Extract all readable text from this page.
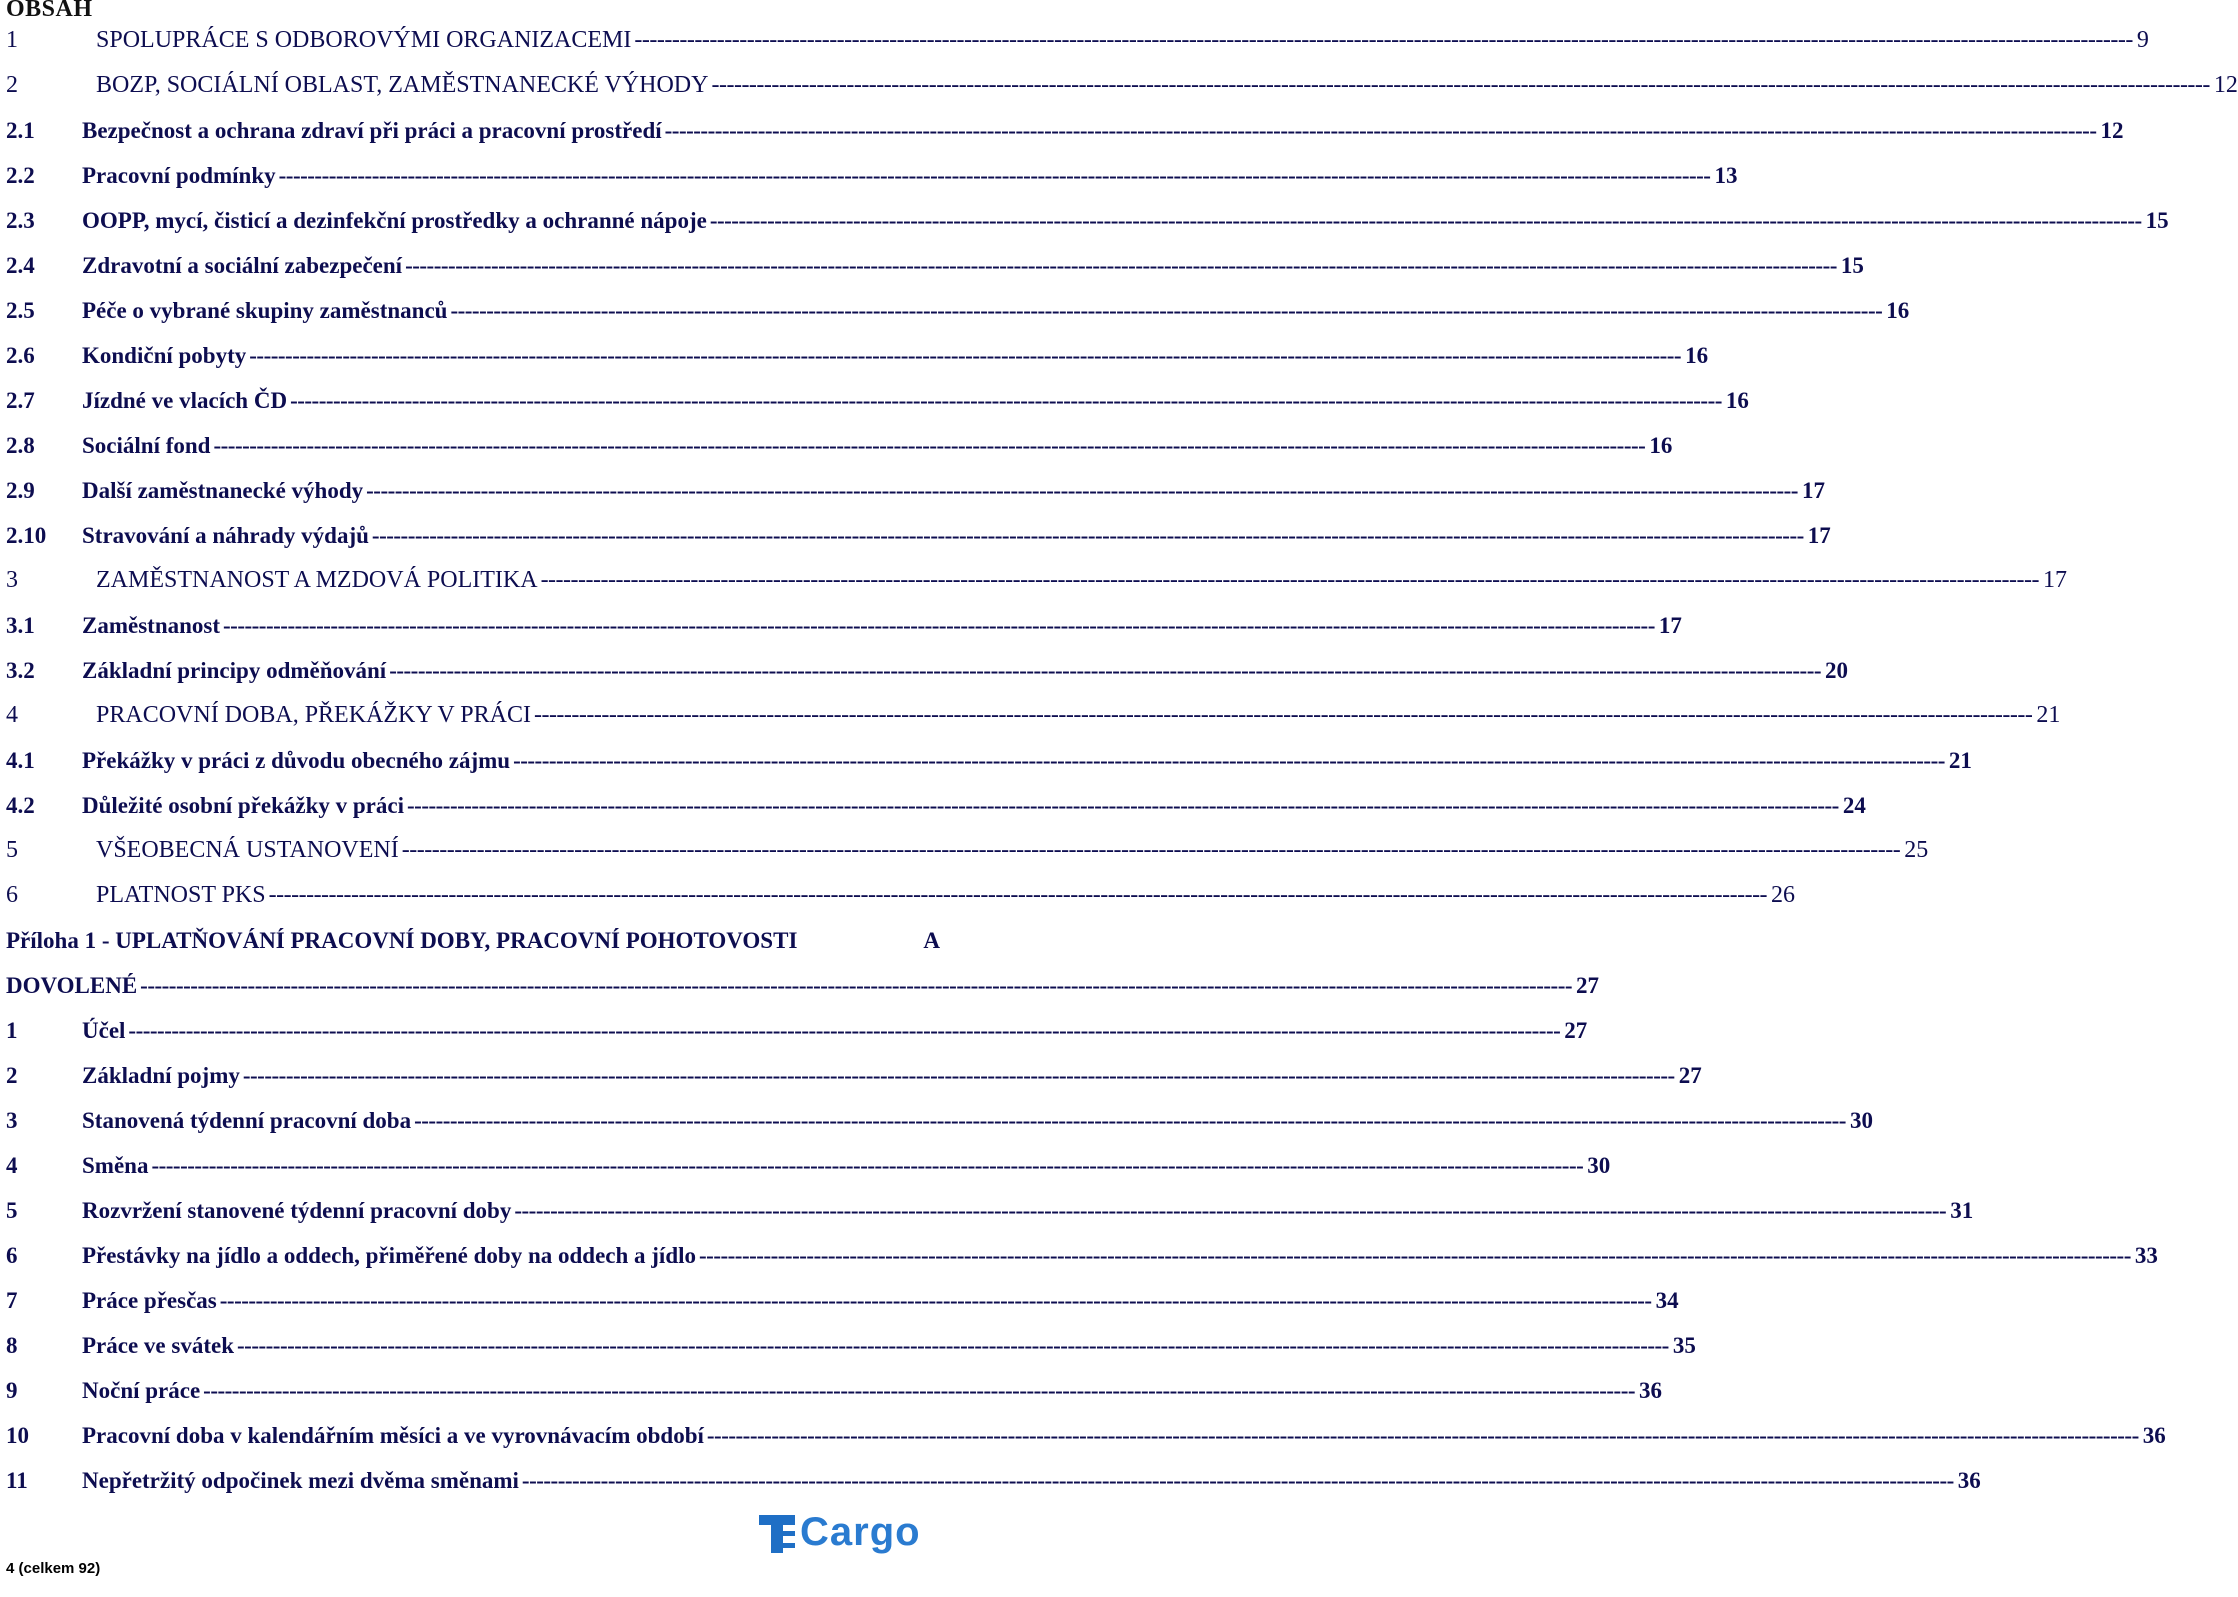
OBSAH
1	SPOLUPRÁCE S ODBOROVÝMI ORGANIZACEMI -------------------------------------------------------------------------------------------------------------------------------------------------------------------------------------------------------- 9
2	BOZP, SOCIÁLNÍ OBLAST, ZAMĚSTNANECKÉ VÝHODY -------------------------------------------------------------------------------------------------------------------------------------------------------------------------------------------------------- 12
2.1	Bezpečnost a ochrana zdraví při práci a pracovní prostředí -------------------------------------------------------------------------------------------------------------------------------------------------------------------------------------------------------- 12
2.2	Pracovní podmínky -------------------------------------------------------------------------------------------------------------------------------------------------------------------------------------------------------- 13
2.3	OOPP, mycí, čisticí a dezinfekční prostředky a ochranné nápoje -------------------------------------------------------------------------------------------------------------------------------------------------------------------------------------------------------- 15
2.4	Zdravotní a sociální zabezpečení -------------------------------------------------------------------------------------------------------------------------------------------------------------------------------------------------------- 15
2.5	Péče o vybrané skupiny zaměstnanců -------------------------------------------------------------------------------------------------------------------------------------------------------------------------------------------------------- 16
2.6	Kondiční pobyty -------------------------------------------------------------------------------------------------------------------------------------------------------------------------------------------------------- 16
2.7	Jízdné ve vlacích ČD -------------------------------------------------------------------------------------------------------------------------------------------------------------------------------------------------------- 16
2.8	Sociální fond -------------------------------------------------------------------------------------------------------------------------------------------------------------------------------------------------------- 16
2.9	Další zaměstnanecké výhody -------------------------------------------------------------------------------------------------------------------------------------------------------------------------------------------------------- 17
2.10	Stravování a náhrady výdajů -------------------------------------------------------------------------------------------------------------------------------------------------------------------------------------------------------- 17
3	ZAMĚSTNANOST A MZDOVÁ POLITIKA -------------------------------------------------------------------------------------------------------------------------------------------------------------------------------------------------------- 17
3.1	Zaměstnanost -------------------------------------------------------------------------------------------------------------------------------------------------------------------------------------------------------- 17
3.2	Základní principy odměňování -------------------------------------------------------------------------------------------------------------------------------------------------------------------------------------------------------- 20
4	PRACOVNÍ DOBA, PŘEKÁŽKY V PRÁCI -------------------------------------------------------------------------------------------------------------------------------------------------------------------------------------------------------- 21
4.1	Překážky v práci z důvodu obecného zájmu -------------------------------------------------------------------------------------------------------------------------------------------------------------------------------------------------------- 21
4.2	Důležité osobní překážky v práci -------------------------------------------------------------------------------------------------------------------------------------------------------------------------------------------------------- 24
5	VŠEOBECNÁ USTANOVENÍ -------------------------------------------------------------------------------------------------------------------------------------------------------------------------------------------------------- 25
6	PLATNOST PKS -------------------------------------------------------------------------------------------------------------------------------------------------------------------------------------------------------- 26
Příloha 1 - UPLATŇOVÁNÍ PRACOVNÍ DOBY, PRACOVNÍ POHOTOVOSTI	A
DOVOLENÉ -------------------------------------------------------------------------------------------------------------------------------------------------------------------------------------------------------- 27
1	Účel -------------------------------------------------------------------------------------------------------------------------------------------------------------------------------------------------------- 27
2	Základní pojmy -------------------------------------------------------------------------------------------------------------------------------------------------------------------------------------------------------- 27
3	Stanovená týdenní pracovní doba -------------------------------------------------------------------------------------------------------------------------------------------------------------------------------------------------------- 30
4	Směna -------------------------------------------------------------------------------------------------------------------------------------------------------------------------------------------------------- 30
5	Rozvržení stanovené týdenní pracovní doby -------------------------------------------------------------------------------------------------------------------------------------------------------------------------------------------------------- 31
6	Přestávky na jídlo a oddech, přiměřené doby na oddech a jídlo -------------------------------------------------------------------------------------------------------------------------------------------------------------------------------------------------------- 33
7	Práce přesčas -------------------------------------------------------------------------------------------------------------------------------------------------------------------------------------------------------- 34
8	Práce ve svátek -------------------------------------------------------------------------------------------------------------------------------------------------------------------------------------------------------- 35
9	Noční práce -------------------------------------------------------------------------------------------------------------------------------------------------------------------------------------------------------- 36
10	Pracovní doba v kalendářním měsíci a ve vyrovnávacím období -------------------------------------------------------------------------------------------------------------------------------------------------------------------------------------------------------- 36
11	Nepřetržitý odpočinek mezi dvěma směnami -------------------------------------------------------------------------------------------------------------------------------------------------------------------------------------------------------- 36
4 (celkem 92)
Cargo
